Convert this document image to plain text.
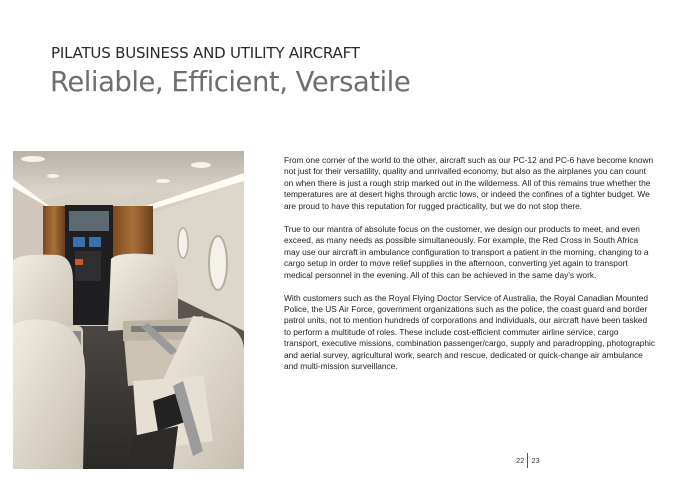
PILATUS BUSINESS AND UTILITY AIRCRAFT
Reliable, Efficient, Versatile

From one corner of the world to the other, aircraft such as our PC-12 and PC-6 have become known not just for their versatility, quality and unrivalled economy, but also as the airplanes you can count on when there is just a rough strip marked out in the wilderness. All of this remains true whether the temperatures are at desert highs through arctic lows, or indeed the confines of a tighter budget. We are proud to have this reputation for rugged practicality, but we do not stop there.

True to our mantra of absolute focus on the customer, we design our products to meet, and even exceed, as many needs as possible simultaneously. For example, the Red Cross in South Africa may use our aircraft in ambulance configuration to transport a patient in the morning, changing to a cargo setup in order to move relief supplies in the afternoon, converting yet again to transport medical personnel in the evening. All of this can be achieved in the same day's work.

With customers such as the Royal Flying Doctor Service of Australia, the Royal Canadian Mounted Police, the US Air Force, government organizations such as the police, the coast guard and border patrol units, not to mention hundreds of corporations and individuals, our aircraft have been tasked to perform a multitude of roles. These include cost-efficient commuter airline service, cargo transport, executive missions, combination passenger/cargo, supply and paradropping, photographic and aerial survey, agricultural work, search and rescue, dedicated or quick-change air ambulance and multi-mission surveillance.

22 23
